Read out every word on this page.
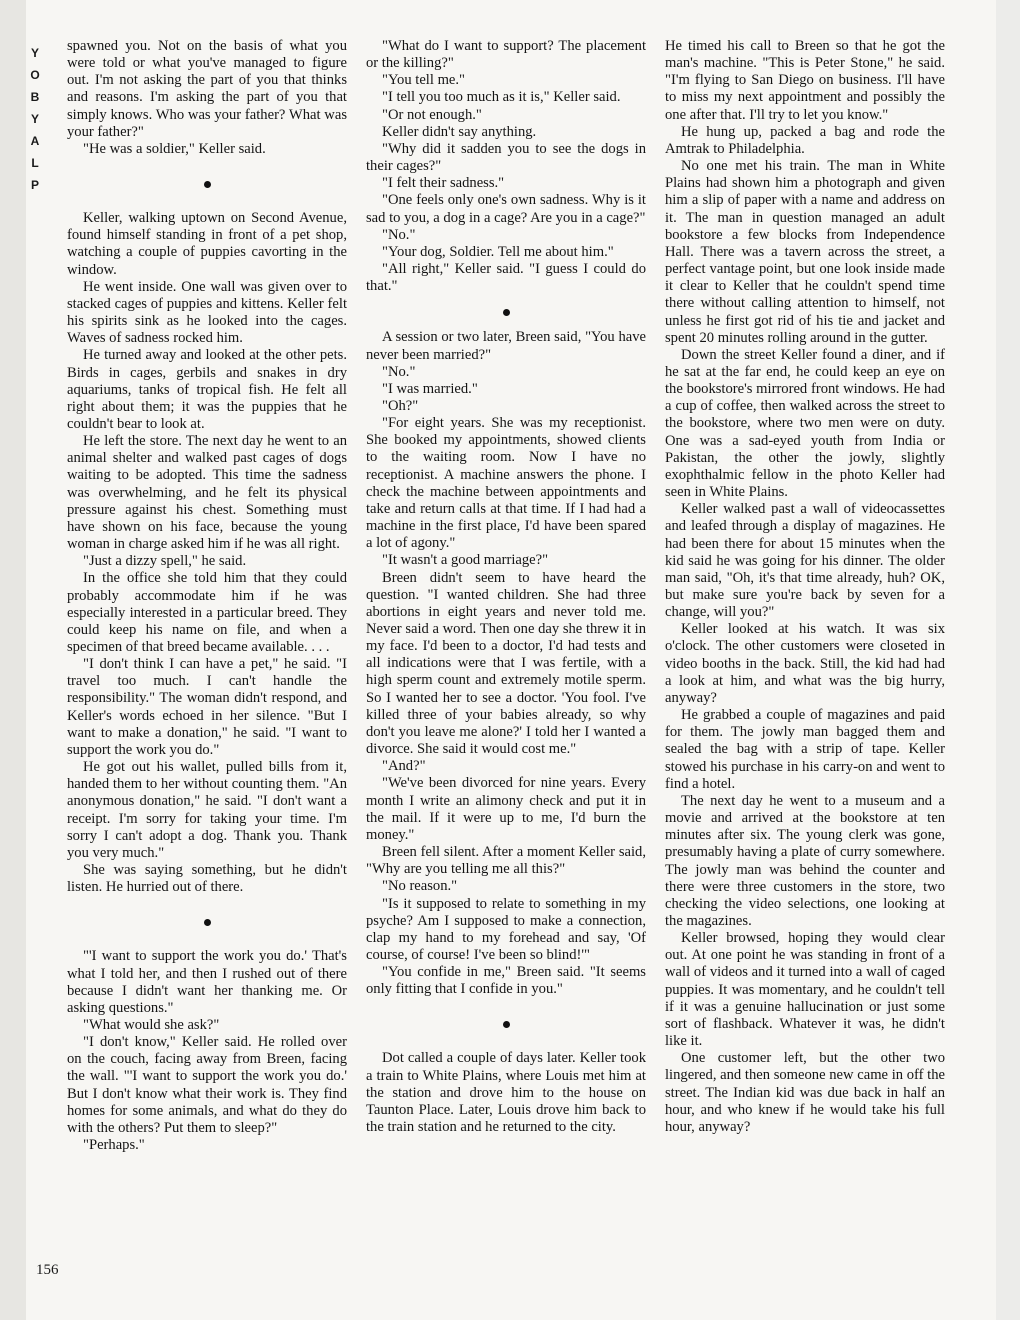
Y
O
B
Y
A
L
P

spawned you. Not on the basis of what you were told or what you've managed to figure out. I'm not asking the part of you that thinks and reasons. I'm asking the part of you that simply knows. Who was your father? What was your father?"

"He was a soldier," Keller said.

Keller, walking uptown on Second Avenue, found himself standing in front of a pet shop, watching a couple of puppies cavorting in the window.

He went inside. One wall was given over to stacked cages of puppies and kittens. Keller felt his spirits sink as he looked into the cages. Waves of sadness rocked him.

He turned away and looked at the other pets. Birds in cages, gerbils and snakes in dry aquariums, tanks of tropical fish. He felt all right about them; it was the puppies that he couldn't bear to look at.

He left the store. The next day he went to an animal shelter and walked past cages of dogs waiting to be adopted. This time the sadness was overwhelming, and he felt its physical pressure against his chest. Something must have shown on his face, because the young woman in charge asked him if he was all right.

"Just a dizzy spell," he said.

In the office she told him that they could probably accommodate him if he was especially interested in a particular breed. They could keep his name on file, and when a specimen of that breed became available. . . .

"I don't think I can have a pet," he said. "I travel too much. I can't handle the responsibility." The woman didn't respond, and Keller's words echoed in her silence. "But I want to make a donation," he said. "I want to support the work you do."

He got out his wallet, pulled bills from it, handed them to her without counting them. "An anonymous donation," he said. "I don't want a receipt. I'm sorry for taking your time. I'm sorry I can't adopt a dog. Thank you. Thank you very much."

She was saying something, but he didn't listen. He hurried out of there.

"'I want to support the work you do.' That's what I told her, and then I rushed out of there because I didn't want her thanking me. Or asking questions."

"What would she ask?"

"I don't know," Keller said. He rolled over on the couch, facing away from Breen, facing the wall. "'I want to support the work you do.' But I don't know what their work is. They find homes for some animals, and what do they do with the others? Put them to sleep?"

"Perhaps."

"What do I want to support? The placement or the killing?"

"You tell me."

"I tell you too much as it is," Keller said.

"Or not enough."

Keller didn't say anything.

"Why did it sadden you to see the dogs in their cages?"

"I felt their sadness."

"One feels only one's own sadness. Why is it sad to you, a dog in a cage? Are you in a cage?"

"No."

"Your dog, Soldier. Tell me about him."

"All right," Keller said. "I guess I could do that."

A session or two later, Breen said, "You have never been married?"

"No."

"I was married."

"Oh?"

"For eight years. She was my receptionist. She booked my appointments, showed clients to the waiting room. Now I have no receptionist. A machine answers the phone. I check the machine between appointments and take and return calls at that time. If I had had a machine in the first place, I'd have been spared a lot of agony."

"It wasn't a good marriage?"

Breen didn't seem to have heard the question. "I wanted children. She had three abortions in eight years and never told me. Never said a word. Then one day she threw it in my face. I'd been to a doctor, I'd had tests and all indications were that I was fertile, with a high sperm count and extremely motile sperm. So I wanted her to see a doctor. 'You fool. I've killed three of your babies already, so why don't you leave me alone?' I told her I wanted a divorce. She said it would cost me."

"And?"

"We've been divorced for nine years. Every month I write an alimony check and put it in the mail. If it were up to me, I'd burn the money."

Breen fell silent. After a moment Keller said, "Why are you telling me all this?"

"No reason."

"Is it supposed to relate to something in my psyche? Am I supposed to make a connection, clap my hand to my forehead and say, 'Of course, of course! I've been so blind!'"

"You confide in me," Breen said. "It seems only fitting that I confide in you."

Dot called a couple of days later. Keller took a train to White Plains, where Louis met him at the station and drove him to the house on Taunton Place. Later, Louis drove him back to the train station and he returned to the city.

He timed his call to Breen so that he got the man's machine. "This is Peter Stone," he said. "I'm flying to San Diego on business. I'll have to miss my next appointment and possibly the one after that. I'll try to let you know."

He hung up, packed a bag and rode the Amtrak to Philadelphia.

No one met his train. The man in White Plains had shown him a photograph and given him a slip of paper with a name and address on it. The man in question managed an adult bookstore a few blocks from Independence Hall. There was a tavern across the street, a perfect vantage point, but one look inside made it clear to Keller that he couldn't spend time there without calling attention to himself, not unless he first got rid of his tie and jacket and spent 20 minutes rolling around in the gutter.

Down the street Keller found a diner, and if he sat at the far end, he could keep an eye on the bookstore's mirrored front windows. He had a cup of coffee, then walked across the street to the bookstore, where two men were on duty. One was a sad-eyed youth from India or Pakistan, the other the jowly, slightly exophthalmic fellow in the photo Keller had seen in White Plains.

Keller walked past a wall of videocassettes and leafed through a display of magazines. He had been there for about 15 minutes when the kid said he was going for his dinner. The older man said, "Oh, it's that time already, huh? OK, but make sure you're back by seven for a change, will you?"

Keller looked at his watch. It was six o'clock. The other customers were closeted in video booths in the back. Still, the kid had had a look at him, and what was the big hurry, anyway?

He grabbed a couple of magazines and paid for them. The jowly man bagged them and sealed the bag with a strip of tape. Keller stowed his purchase in his carry-on and went to find a hotel.

The next day he went to a museum and a movie and arrived at the bookstore at ten minutes after six. The young clerk was gone, presumably having a plate of curry somewhere. The jowly man was behind the counter and there were three customers in the store, two checking the video selections, one looking at the magazines.

Keller browsed, hoping they would clear out. At one point he was standing in front of a wall of videos and it turned into a wall of caged puppies. It was momentary, and he couldn't tell if it was a genuine hallucination or just some sort of flashback. Whatever it was, he didn't like it.

One customer left, but the other two lingered, and then someone new came in off the street. The Indian kid was due back in half an hour, and who knew if he would take his full hour, anyway?

156
